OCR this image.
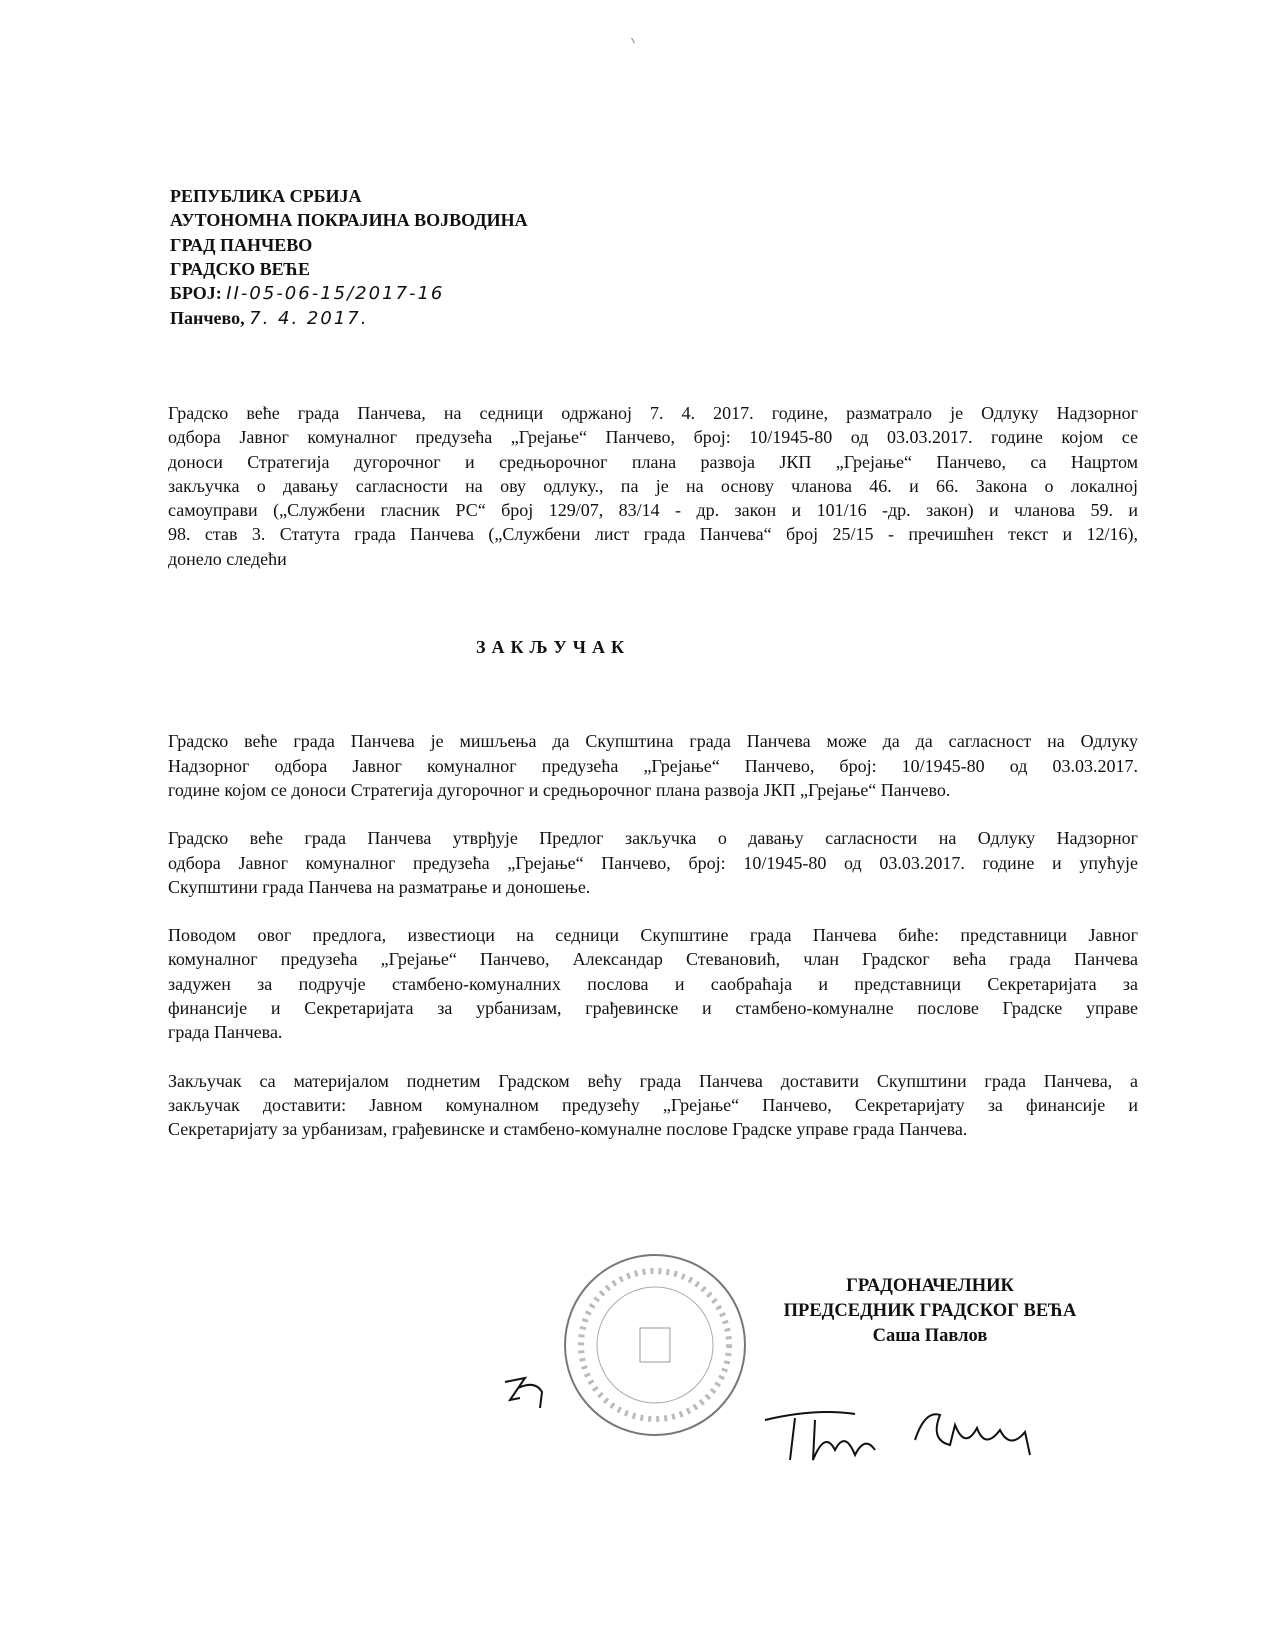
РЕПУБЛИКА СРБИЈА
АУТОНОМНА ПОКРАЈИНА ВОЈВОДИНА
ГРАД ПАНЧЕВО
ГРАДСКО ВЕЋЕ
БРОЈ: II-05-06-15/2017-16
Панчево, 7. 4. 2017.
Градско веће града Панчева, на седници одржаној 7. 4. 2017. године, разматрало је Одлуку Надзорног
одбора Јавног комуналног предузећа „Грејање“ Панчево, број: 10/1945-80 од 03.03.2017. године којом се
доноси Стратегија дугорочног и средњорочног плана развоја ЈКП „Грејање“ Панчево, са Нацртом
закључка о давању сагласности на ову одлуку., па је на основу чланова 46. и 66. Закона о локалној
самоуправи („Службени гласник РС“ број 129/07, 83/14 - др. закон и 101/16 -др. закон) и чланова 59. и
98. став 3. Статута града Панчева („Службени лист града Панчева“ број 25/15 - пречишћен текст и 12/16),
донело следећи
ЗАКЉУЧАК
Градско веће града Панчева је мишљења да Скупштина града Панчева може да да сагласност на Одлуку
Надзорног одбора Јавног комуналног предузећа „Грејање“ Панчево, број: 10/1945-80 од 03.03.2017.
године којом се доноси Стратегија дугорочног и средњорочног плана развоја ЈКП „Грејање“ Панчево.
Градско веће града Панчева утврђује Предлог закључка о давању сагласности на Одлуку Надзорног
одбора Јавног комуналног предузећа „Грејање“ Панчево, број: 10/1945-80 од 03.03.2017. године и упућује
Скупштини града Панчева на разматрање и доношење.
Поводом овог предлога, известиоци на седници Скупштине града Панчева биће: представници Јавног
комуналног предузећа „Грејање“ Панчево, Александар Стевановић, члан Градског већа града Панчева
задужен за подручје стамбено-комуналних послова и саобраћаја и представници Секретаријата за
финансије и Секретаријата за урбанизам, грађевинске и стамбено-комуналне послове Градске управе
града Панчева.
Закључак са материјалом поднетим Градском већу града Панчева доставити Скупштини града Панчева, а
закључак доставити: Јавном комуналном предузећу „Грејање“ Панчево, Секретаријату за финансије и
Секретаријату за урбанизам, грађевинске и стамбено-комуналне послове Градске управе града Панчева.
ГРАДОНАЧЕЛНИК
ПРЕДСЕДНИК ГРАДСКОГ ВЕЋА
Саша Павлов
